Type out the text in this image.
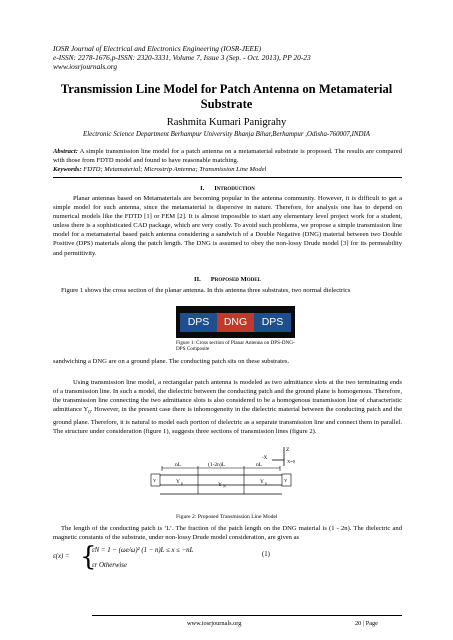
IOSR Journal of Electrical and Electronics Engineering (IOSR-JEEE)
e-ISSN: 2278-1676,p-ISSN: 2320-3331, Volume 7, Issue 3 (Sep. - Oct. 2013), PP 20-23
www.iosrjournals.org
Transmission Line Model for Patch Antenna on Metamaterial Substrate
Rashmita Kumari Panigrahy
Electronic Science Department Berhampur University Bhanja Bihar,Berhampur ,Odisha-760007,INDIA
Abstract: A simple transmission line model for a patch antenna on a metamaterial substrate is proposed. The results are compared with those from FDTD model and found to have reasonable matching.
Keywords: FDTD; Metamaterial; Microstrip Antenna; Transmission Line Model
I. Introduction
Planar antennas based on Metamaterials are becoming popular in the antenna community. However, it is difficult to get a simple model for such antenna, since the metamaterial is dispersive in nature. Therefore, for analysis one has to depend on numerical models like the FDTD [1] or FEM [2]. It is almost impossible to start any elementary level project work for a student, unless there is a sophisticated CAD package, which are very costly. To avoid such problems, we propose a simple transmission line model for a metamaterial based patch antenna considering a sandwich of a Double Negative (DNG) material between two Double Positive (DPS) materials along the patch length. The DNG is assumed to obey the non-lossy Drude model [3] for its permeability and permittivity.
II. Proposed Model
Figure 1 shows the cross section of the planar antenna. In this antenna three substrates, two normal dielectrics
DPS	DNG	DPS
Figure 1: Cross section of Planar Antenna on DPS-DNG-DPS Composite
sandwiching a DNG are on a ground plane. The conducting patch sits on these substrates.
Using transmission line model, a rectangular patch antenna is modeled as two admittance slots at the two terminating ends of a transmission line. In such a model, the dielectric between the conducting patch and the ground plane is homogenous. Therefore, the transmission line connecting the two admittance slots is also considered to be a homogenous transmission line of characteristic admittance $Y_0$. However, in the present case there is inhomogeneity in the dielectric material between the conducting patch and the ground plane. Therefore, it is natural to model each portion of dielectric as a separate transmission line and connect them in parallel. The structure under consideration (figure 1), suggests three sections of transmission lines (figure 2).
Z
-X
X=0
nL	(1-2n)L	nL
Y	Y
Y p	Y N
Y p
Figure 2: Proposed Transmission Line Model
The length of the conducting patch is ‘L’. The fraction of the patch length on the DNG material is (1 - 2n). The dielectric and magnetic constants of the substrate, under non-lossy Drude model consideration, are given as
ε(x) = {
εN = 1 − (ωe/ω)² (1 − n)L ≤ x ≤ −nL
εr Otherwise
(1)
www.iosrjournals.org	20 | Page
